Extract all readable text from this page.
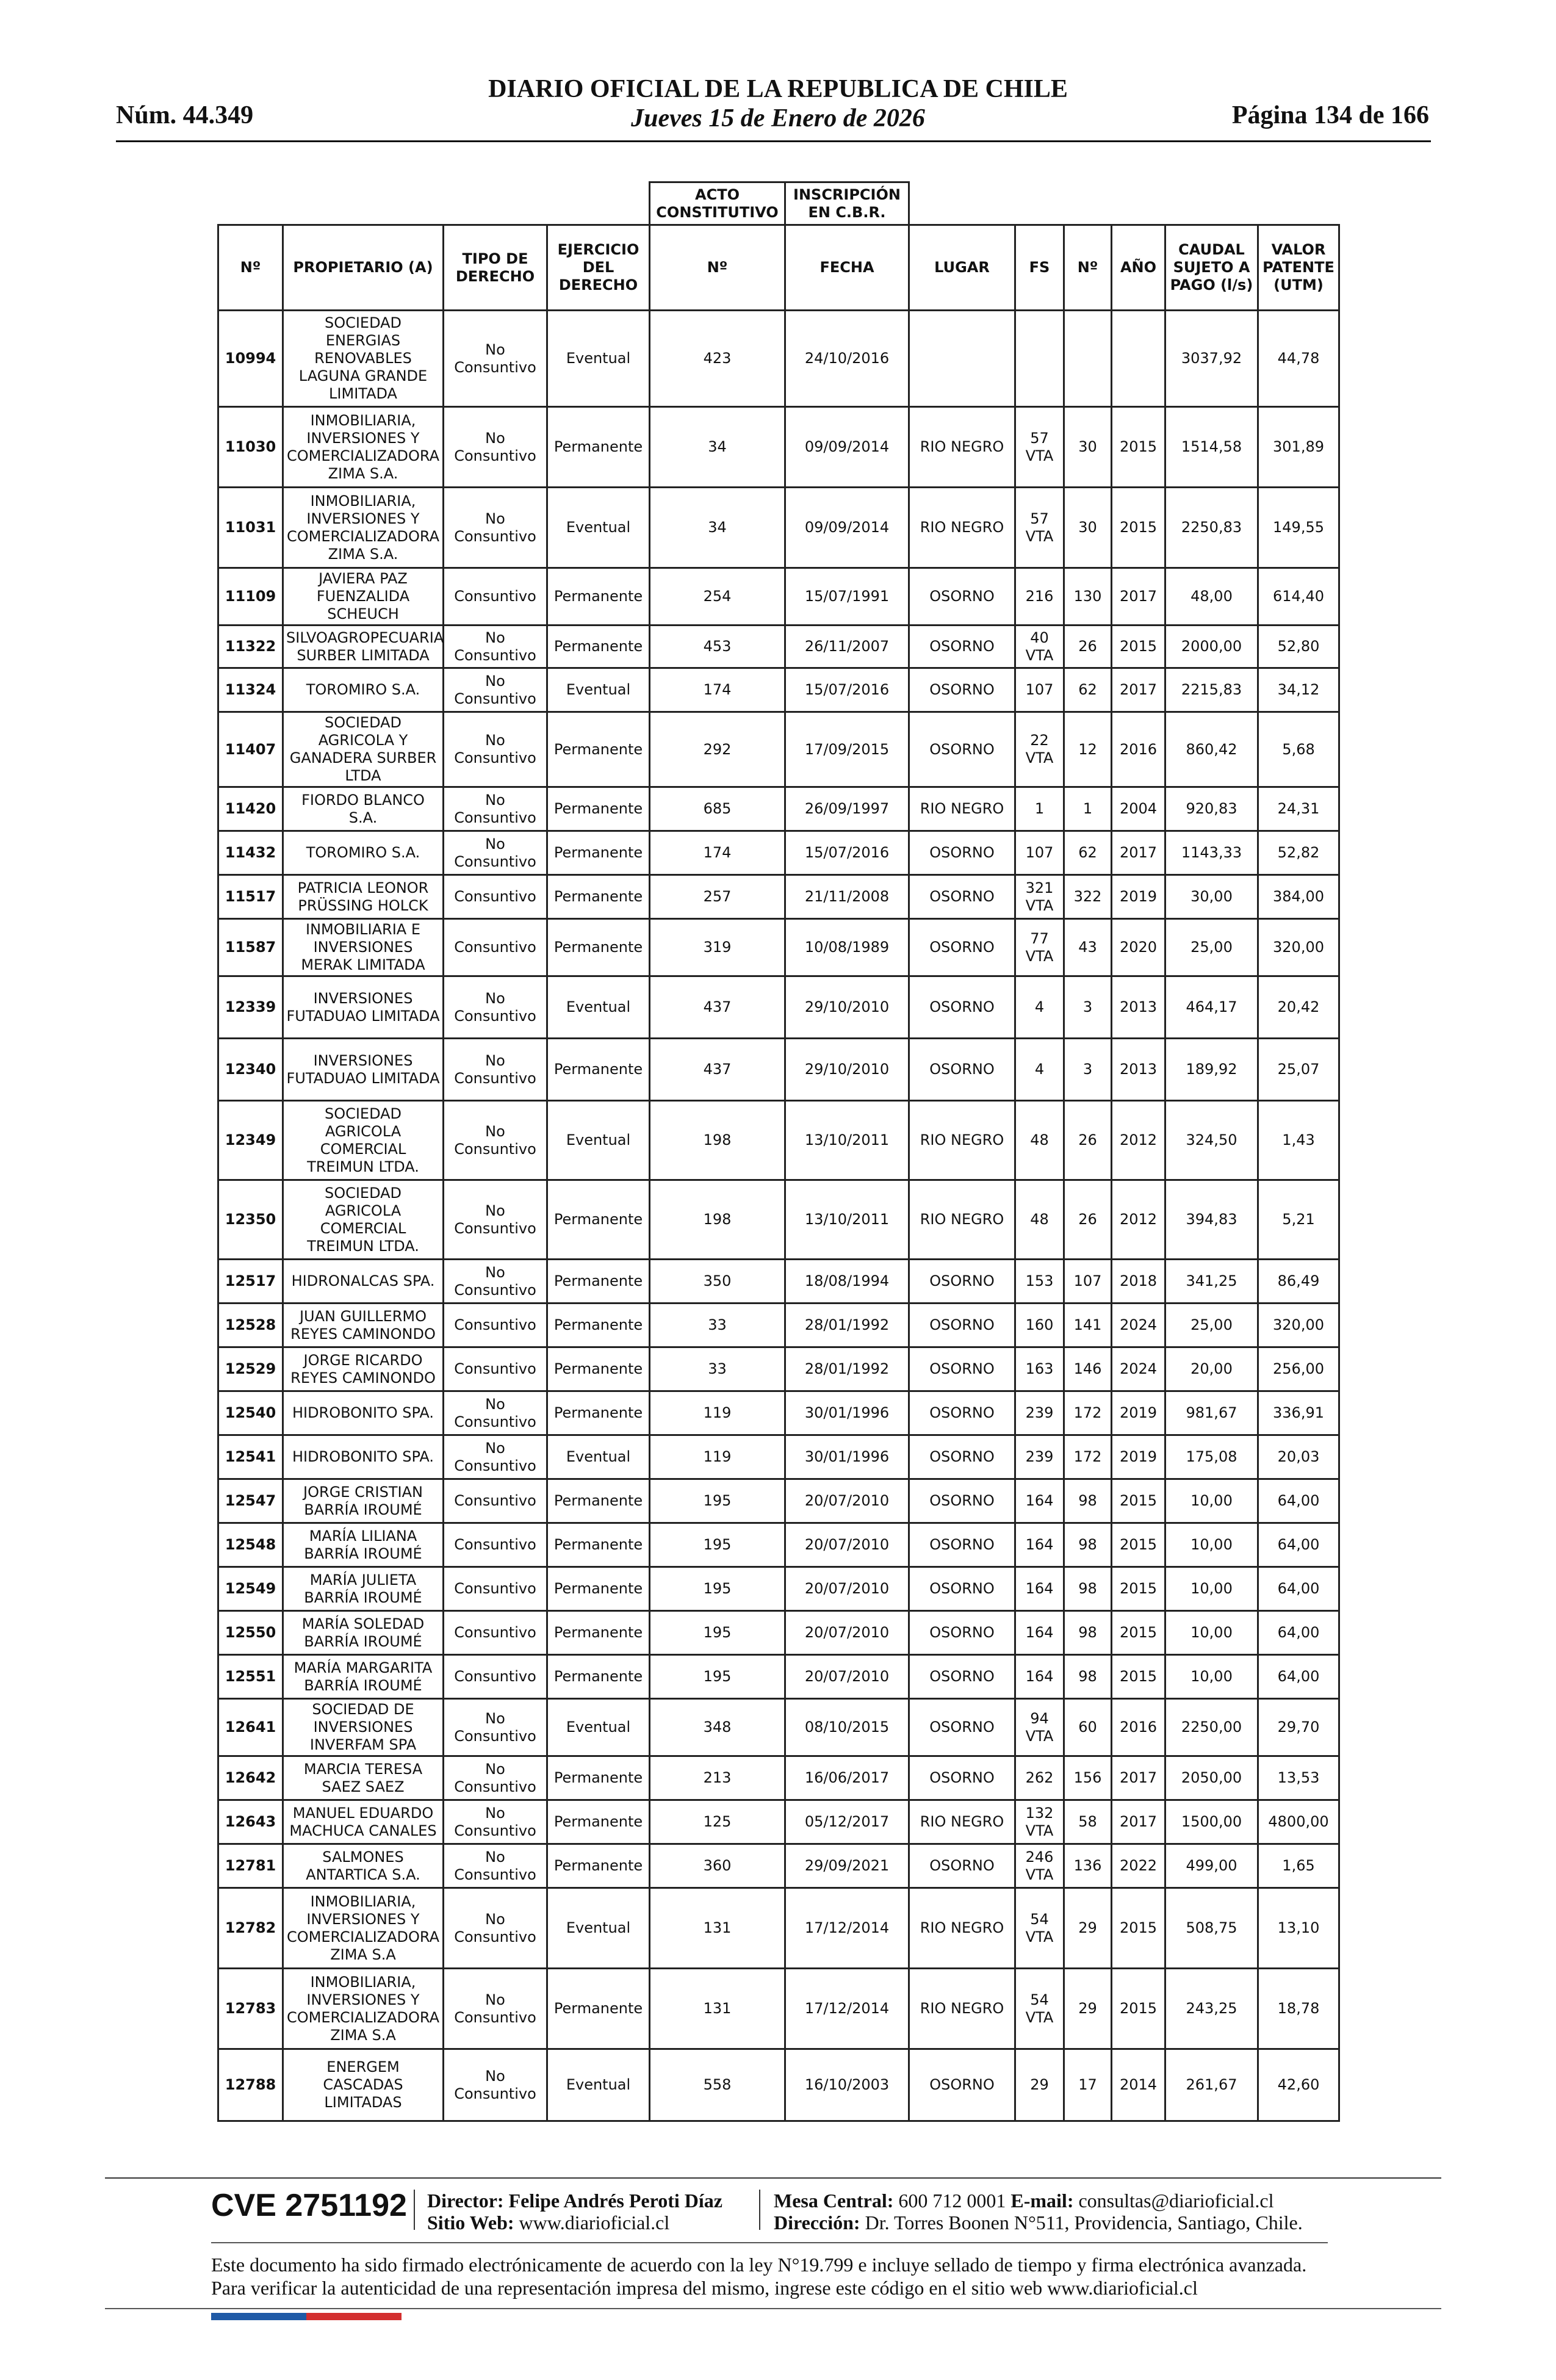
Núm. 44.349
DIARIO OFICIAL DE LA REPUBLICA DE CHILE
Jueves 15 de Enero de 2026	Página 134 de 166
				ACTO CONSTITUTIVO	INSCRIPCIÓN EN C.B.R.						
Nº	PROPIETARIO (A)	TIPO DE DERECHO	EJERCICIO DEL DERECHO	Nº	FECHA	LUGAR	FS	Nº	AÑO	CAUDAL SUJETO A PAGO (l/s)	VALOR PATENTE (UTM)
10994	SOCIEDAD ENERGIAS RENOVABLES LAGUNA GRANDE LIMITADA	No Consuntivo	Eventual	423	24/10/2016					3037,92	44,78
11030	INMOBILIARIA, INVERSIONES Y COMERCIALIZADORA ZIMA S.A.	No Consuntivo	Permanente	34	09/09/2014	RIO NEGRO	57 VTA	30	2015	1514,58	301,89
11031	INMOBILIARIA, INVERSIONES Y COMERCIALIZADORA ZIMA S.A.	No Consuntivo	Eventual	34	09/09/2014	RIO NEGRO	57 VTA	30	2015	2250,83	149,55
11109	JAVIERA PAZ FUENZALIDA SCHEUCH	Consuntivo	Permanente	254	15/07/1991	OSORNO	216	130	2017	48,00	614,40
11322	SILVOAGROPECUARIA SURBER LIMITADA	No Consuntivo	Permanente	453	26/11/2007	OSORNO	40 VTA	26	2015	2000,00	52,80
11324	TOROMIRO S.A.	No Consuntivo	Eventual	174	15/07/2016	OSORNO	107	62	2017	2215,83	34,12
11407	SOCIEDAD AGRICOLA Y GANADERA SURBER LTDA	No Consuntivo	Permanente	292	17/09/2015	OSORNO	22 VTA	12	2016	860,42	5,68
11420	FIORDO BLANCO S.A.	No Consuntivo	Permanente	685	26/09/1997	RIO NEGRO	1	1	2004	920,83	24,31
11432	TOROMIRO S.A.	No Consuntivo	Permanente	174	15/07/2016	OSORNO	107	62	2017	1143,33	52,82
11517	PATRICIA LEONOR PRÜSSING HOLCK	Consuntivo	Permanente	257	21/11/2008	OSORNO	321 VTA	322	2019	30,00	384,00
11587	INMOBILIARIA E INVERSIONES MERAK LIMITADA	Consuntivo	Permanente	319	10/08/1989	OSORNO	77 VTA	43	2020	25,00	320,00
12339	INVERSIONES FUTADUAO LIMITADA	No Consuntivo	Eventual	437	29/10/2010	OSORNO	4	3	2013	464,17	20,42
12340	INVERSIONES FUTADUAO LIMITADA	No Consuntivo	Permanente	437	29/10/2010	OSORNO	4	3	2013	189,92	25,07
12349	SOCIEDAD AGRICOLA COMERCIAL TREIMUN LTDA.	No Consuntivo	Eventual	198	13/10/2011	RIO NEGRO	48	26	2012	324,50	1,43
12350	SOCIEDAD AGRICOLA COMERCIAL TREIMUN LTDA.	No Consuntivo	Permanente	198	13/10/2011	RIO NEGRO	48	26	2012	394,83	5,21
12517	HIDRONALCAS SPA.	No Consuntivo	Permanente	350	18/08/1994	OSORNO	153	107	2018	341,25	86,49
12528	JUAN GUILLERMO REYES CAMINONDO	Consuntivo	Permanente	33	28/01/1992	OSORNO	160	141	2024	25,00	320,00
12529	JORGE RICARDO REYES CAMINONDO	Consuntivo	Permanente	33	28/01/1992	OSORNO	163	146	2024	20,00	256,00
12540	HIDROBONITO SPA.	No Consuntivo	Permanente	119	30/01/1996	OSORNO	239	172	2019	981,67	336,91
12541	HIDROBONITO SPA.	No Consuntivo	Eventual	119	30/01/1996	OSORNO	239	172	2019	175,08	20,03
12547	JORGE CRISTIAN BARRÍA IROUMÉ	Consuntivo	Permanente	195	20/07/2010	OSORNO	164	98	2015	10,00	64,00
12548	MARÍA LILIANA BARRÍA IROUMÉ	Consuntivo	Permanente	195	20/07/2010	OSORNO	164	98	2015	10,00	64,00
12549	MARÍA JULIETA BARRÍA IROUMÉ	Consuntivo	Permanente	195	20/07/2010	OSORNO	164	98	2015	10,00	64,00
12550	MARÍA SOLEDAD BARRÍA IROUMÉ	Consuntivo	Permanente	195	20/07/2010	OSORNO	164	98	2015	10,00	64,00
12551	MARÍA MARGARITA BARRÍA IROUMÉ	Consuntivo	Permanente	195	20/07/2010	OSORNO	164	98	2015	10,00	64,00
12641	SOCIEDAD DE INVERSIONES INVERFAM SPA	No Consuntivo	Eventual	348	08/10/2015	OSORNO	94 VTA	60	2016	2250,00	29,70
12642	MARCIA TERESA SAEZ SAEZ	No Consuntivo	Permanente	213	16/06/2017	OSORNO	262	156	2017	2050,00	13,53
12643	MANUEL EDUARDO MACHUCA CANALES	No Consuntivo	Permanente	125	05/12/2017	RIO NEGRO	132 VTA	58	2017	1500,00	4800,00
12781	SALMONES ANTARTICA S.A.	No Consuntivo	Permanente	360	29/09/2021	OSORNO	246 VTA	136	2022	499,00	1,65
12782	INMOBILIARIA, INVERSIONES Y COMERCIALIZADORA ZIMA S.A	No Consuntivo	Eventual	131	17/12/2014	RIO NEGRO	54 VTA	29	2015	508,75	13,10
12783	INMOBILIARIA, INVERSIONES Y COMERCIALIZADORA ZIMA S.A	No Consuntivo	Permanente	131	17/12/2014	RIO NEGRO	54 VTA	29	2015	243,25	18,78
12788	ENERGEM CASCADAS LIMITADAS	No Consuntivo	Eventual	558	16/10/2003	OSORNO	29	17	2014	261,67	42,60
CVE 2751192 Director: Felipe Andrés Peroti Díaz
Sitio Web: www.diarioficial.cl
Mesa Central: 600 712 0001 E-mail: consultas@diarioficial.cl
Dirección: Dr. Torres Boonen N°511, Providencia, Santiago, Chile.
Este documento ha sido firmado electrónicamente de acuerdo con la ley N°19.799 e incluye sellado de tiempo y firma electrónica avanzada. Para verificar la autenticidad de una representación impresa del mismo, ingrese este código en el sitio web www.diarioficial.cl
